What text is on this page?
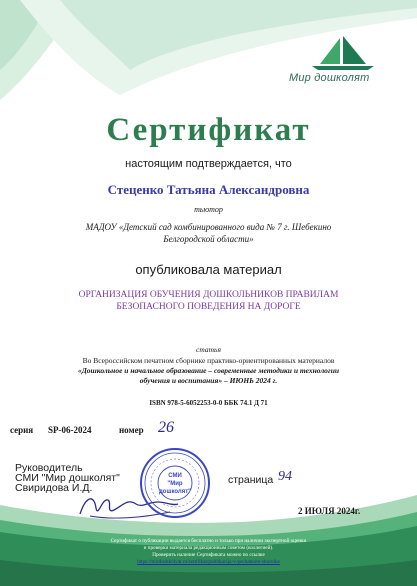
Мир дошколят
Сертификат
настоящим подтверждается, что
Стеценко Татьяна Александровна
тьютор
МАДОУ «Детский сад комбинированного вида № 7 г. Шебекино
Белгородской области»
опубликовала материал
ОРГАНИЗАЦИЯ ОБУЧЕНИЯ ДОШКОЛЬНИКОВ ПРАВИЛАМ
БЕЗОПАСНОГО ПОВЕДЕНИЯ НА ДОРОГЕ
статья
Во Всероссийском печатном сборнике практико-ориентированных материалов
«Дошкольное и начальное образование – современные методики и технологии
обучения и воспитания» – ИЮНЬ 2024 г.
ISBN 978-5-6052253-0-0 ББК 74.1 Д 71
серия SP-06-2024	номер 26
Руководитель
СМИ "Мир дошколят"
Свиридова И.Д.
СМИ
"Мир
дошколят"
страница 94
2 ИЮЛЯ 2024г.
Сертификат о публикации выдается бесплатно и только при наличии экспертной оценки
и проверки материала редакционным советом (коллегией).
Проверить наличие Сертификата можно по ссылке
https://mirdoshkolyat.ru/sertifikat/publikacija-v-pechatnom-sbornike
